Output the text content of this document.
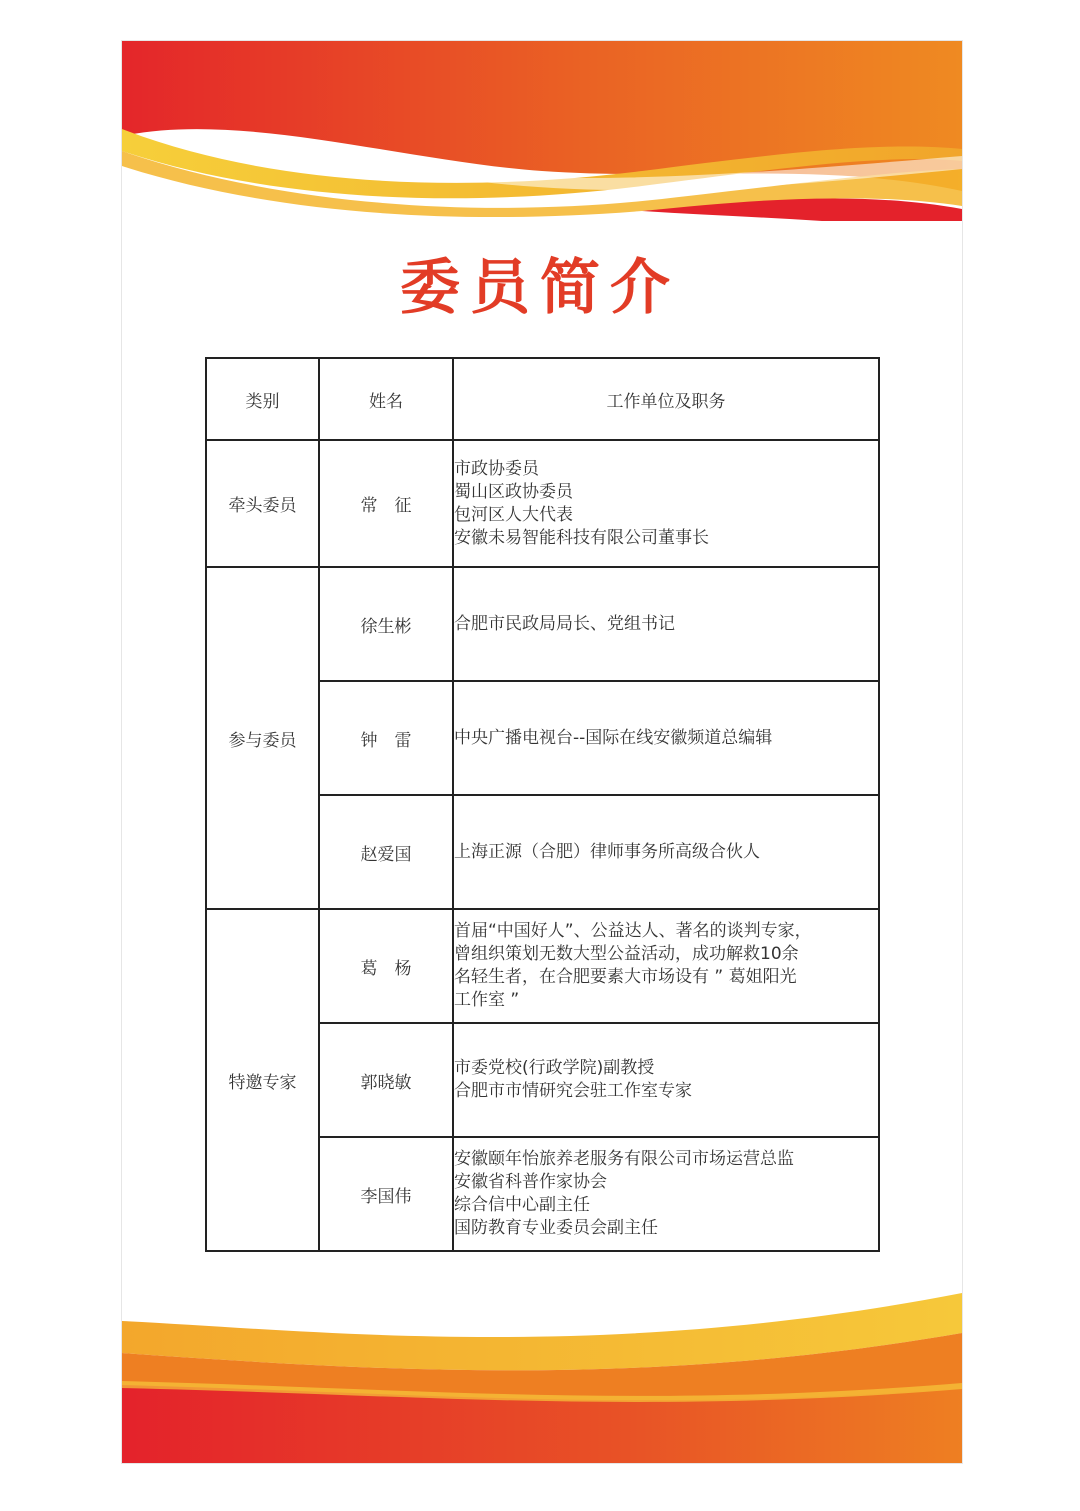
委员简介
类别	姓名	工作单位及职务
牵头委员	常　征	市政协委员
蜀山区政协委员
包河区人大代表
安徽未易智能科技有限公司董事长

参与委员	徐生彬	合肥市民政局局长、党组书记

	钟　雷	中央广播电视台--国际在线安徽频道总编辑

	赵爱国	上海正源（合肥）律师事务所高级合伙人

特邀专家	葛　杨	首届“中国好人”、公益达人、著名的谈判专家，
曾组织策划无数大型公益活动，成功解救10余
名轻生者，在合肥要素大市场设有 ” 葛姐阳光
工作室 ”

	郭晓敏	市委党校(行政学院)副教授
合肥市市情研究会驻工作室专家

	李国伟	安徽颐年怡旅养老服务有限公司市场运营总监
安徽省科普作家协会
综合信中心副主任
国防教育专业委员会副主任
